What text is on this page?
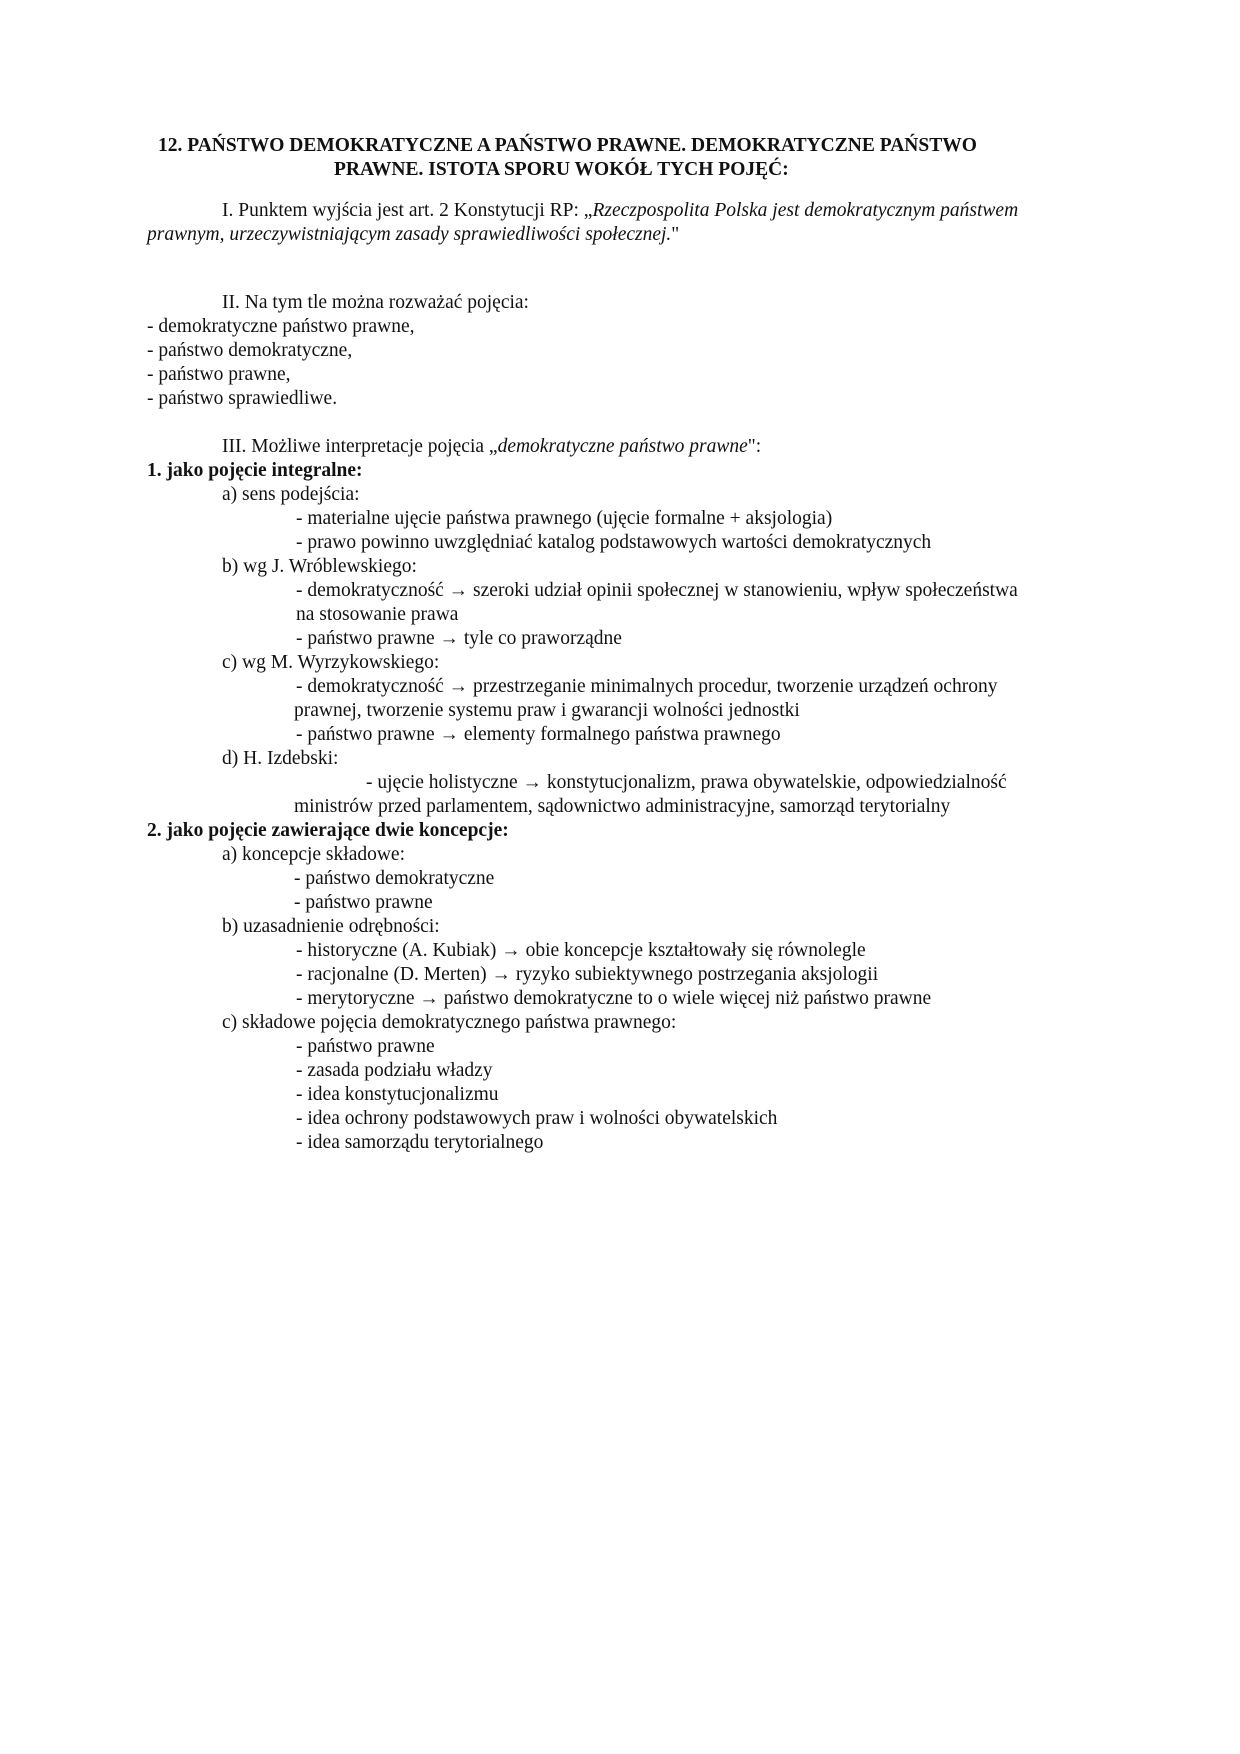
12. PAŃSTWO DEMOKRATYCZNE A PAŃSTWO PRAWNE. DEMOKRATYCZNE PAŃSTWO
PRAWNE. ISTOTA SPORU WOKÓŁ TYCH POJĘĆ:
I. Punktem wyjścia jest art. 2 Konstytucji RP: „Rzeczpospolita Polska jest demokratycznym państwem
prawnym, urzeczywistniającym zasady sprawiedliwości społecznej."
II. Na tym tle można rozważać pojęcia:
- demokratyczne państwo prawne,
- państwo demokratyczne,
- państwo prawne,
- państwo sprawiedliwe.
III. Możliwe interpretacje pojęcia „demokratyczne państwo prawne":
1. jako pojęcie integralne:
a) sens podejścia:
- materialne ujęcie państwa prawnego (ujęcie formalne + aksjologia)
- prawo powinno uwzględniać katalog podstawowych wartości demokratycznych
b) wg J. Wróblewskiego:
- demokratyczność → szeroki udział opinii społecznej w stanowieniu, wpływ społeczeństwa
na stosowanie prawa
- państwo prawne → tyle co praworządne
c) wg M. Wyrzykowskiego:
- demokratyczność → przestrzeganie minimalnych procedur, tworzenie urządzeń ochrony
prawnej, tworzenie systemu praw i gwarancji wolności jednostki
- państwo prawne → elementy formalnego państwa prawnego
d) H. Izdebski:
- ujęcie holistyczne → konstytucjonalizm, prawa obywatelskie, odpowiedzialność
ministrów przed parlamentem, sądownictwo administracyjne, samorząd terytorialny
2. jako pojęcie zawierające dwie koncepcje:
a) koncepcje składowe:
- państwo demokratyczne
- państwo prawne
b) uzasadnienie odrębności:
- historyczne (A. Kubiak) → obie koncepcje kształtowały się równolegle
- racjonalne (D. Merten) → ryzyko subiektywnego postrzegania aksjologii
- merytoryczne → państwo demokratyczne to o wiele więcej niż państwo prawne
c) składowe pojęcia demokratycznego państwa prawnego:
- państwo prawne
- zasada podziału władzy
- idea konstytucjonalizmu
- idea ochrony podstawowych praw i wolności obywatelskich
- idea samorządu terytorialnego
